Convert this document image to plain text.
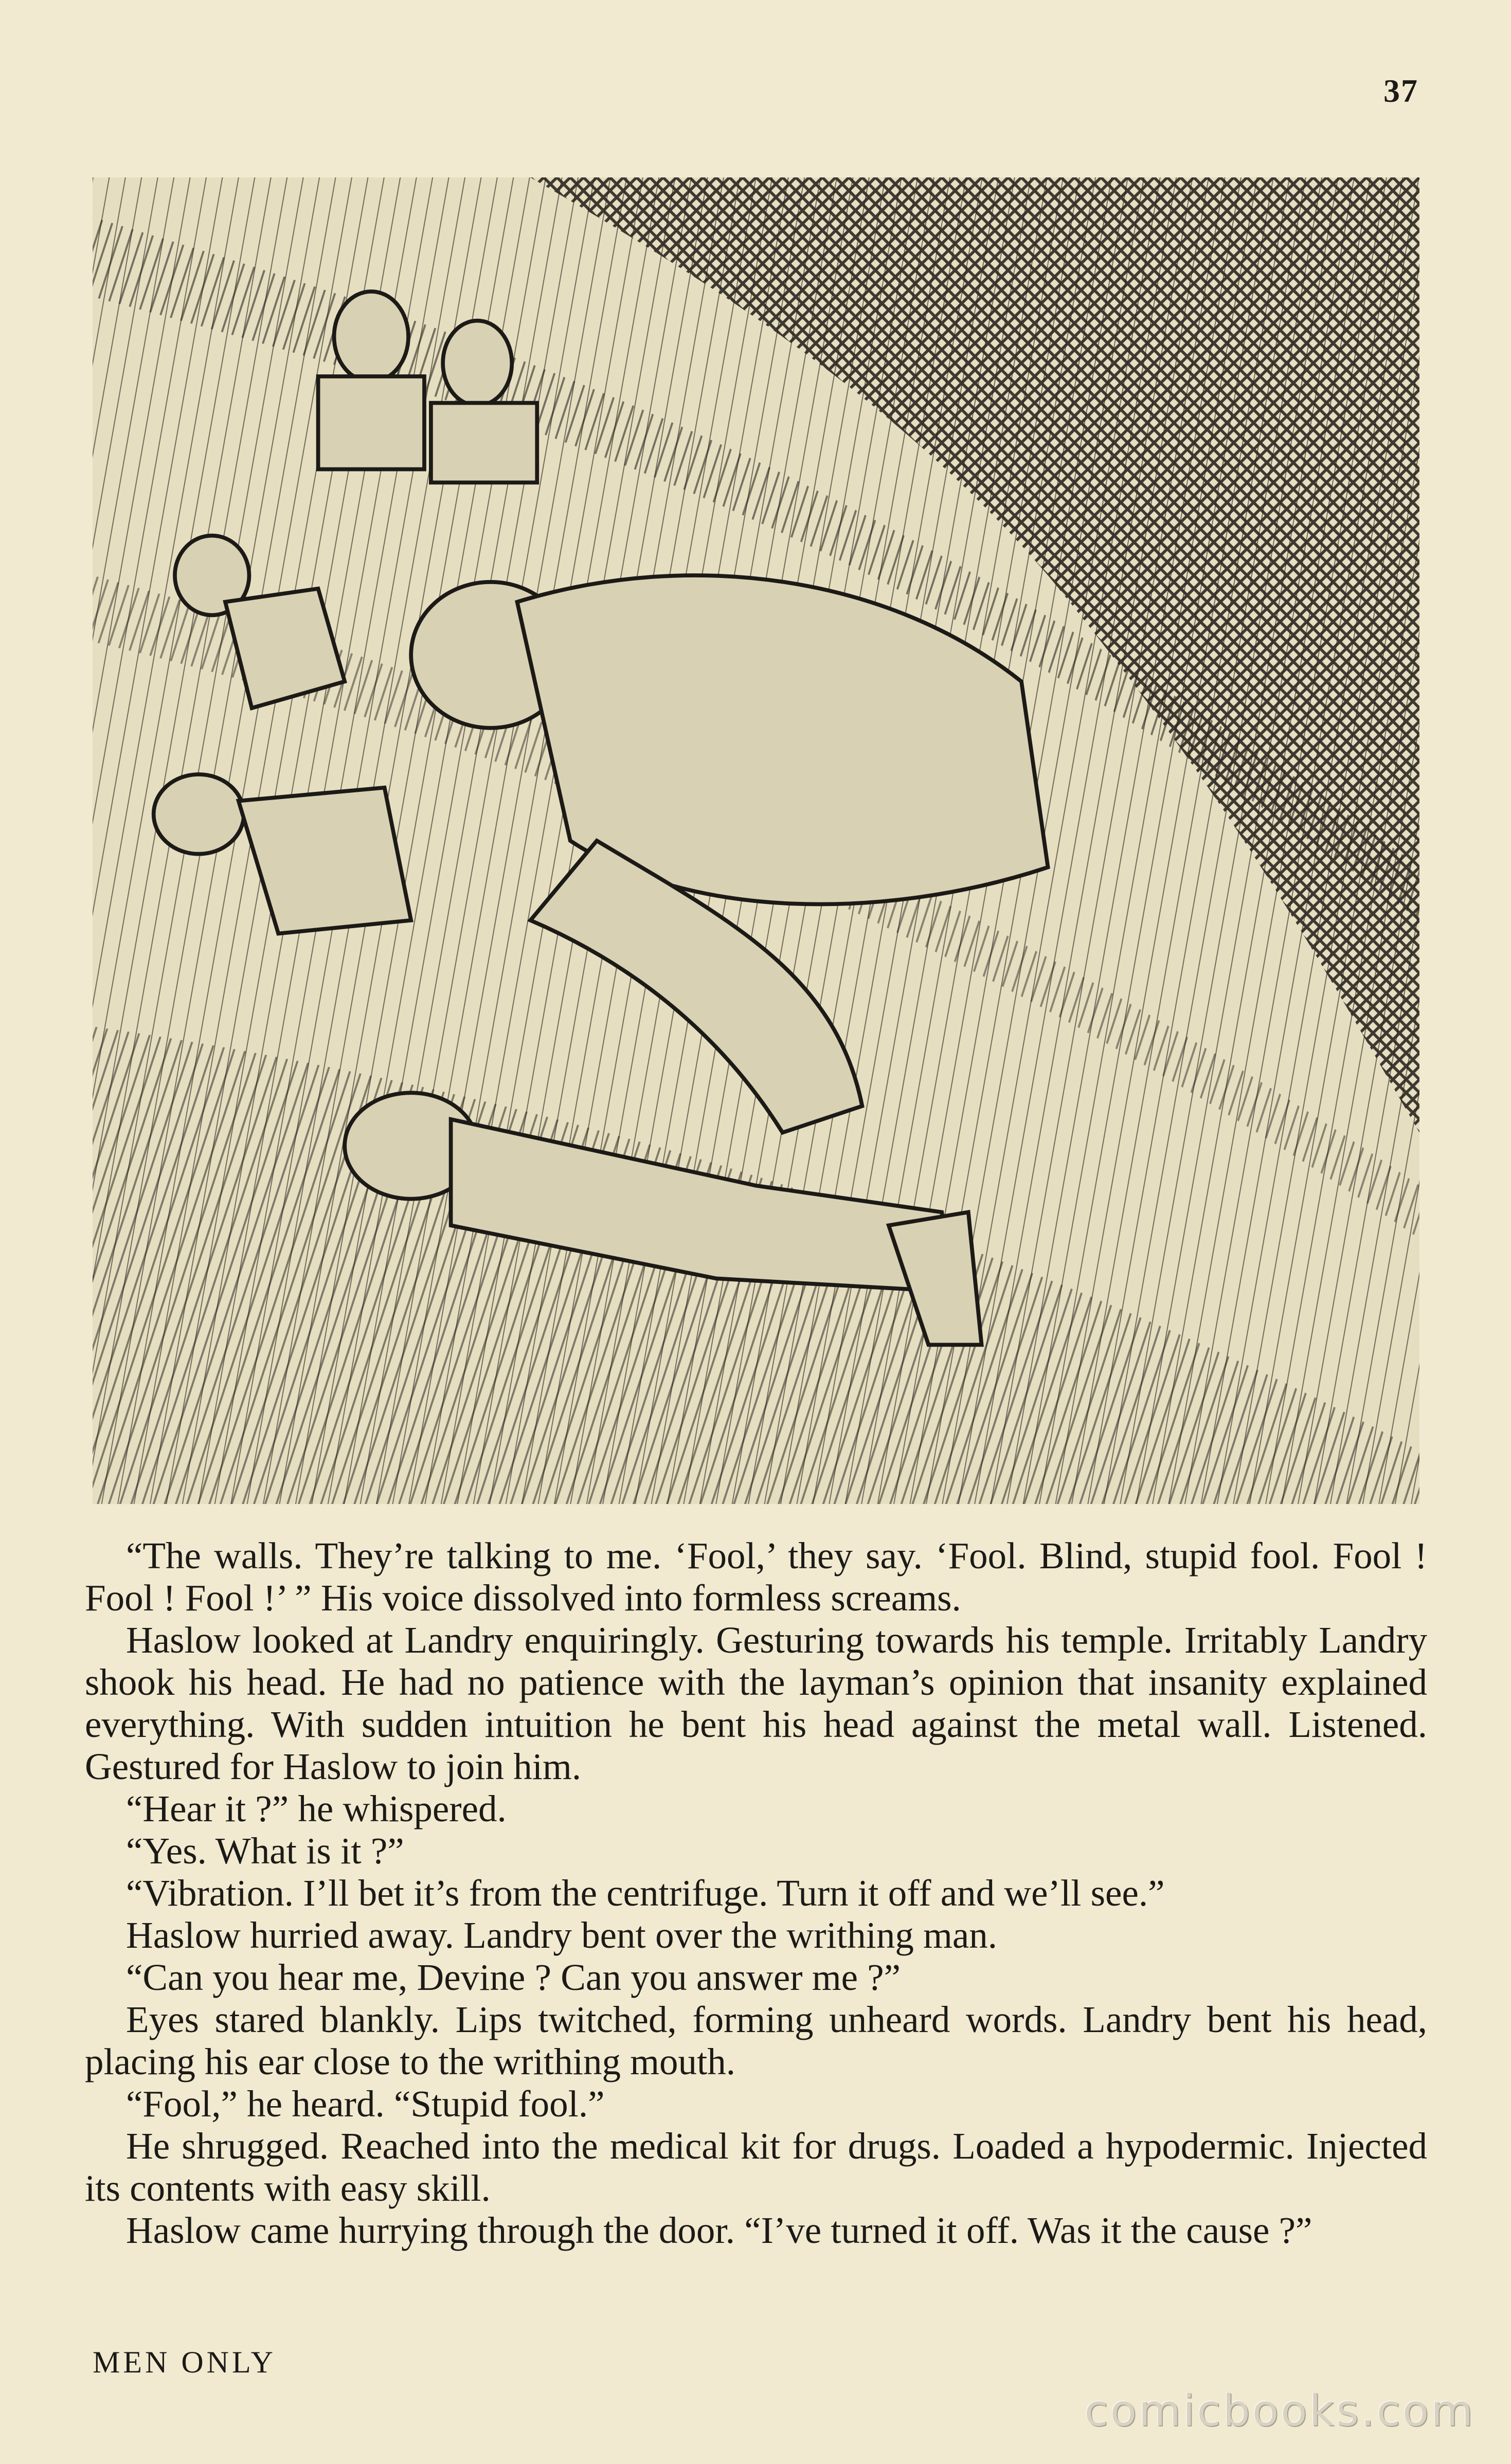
37

“The walls. They’re talking to me. ‘Fool,’ they say. ‘Fool. Blind, stupid fool. Fool ! Fool ! Fool !’ ” His voice dissolved into formless screams.

Haslow looked at Landry enquiringly. Gesturing towards his temple. Irritably Landry shook his head. He had no patience with the layman’s opinion that insanity explained everything. With sudden intuition he bent his head against the metal wall. Listened. Gestured for Haslow to join him.

“Hear it ?” he whispered.

“Yes. What is it ?”

“Vibration. I’ll bet it’s from the centrifuge. Turn it off and we’ll see.”

Haslow hurried away. Landry bent over the writhing man.

“Can you hear me, Devine ? Can you answer me ?”

Eyes stared blankly. Lips twitched, forming unheard words. Landry bent his head, placing his ear close to the writhing mouth.

“Fool,” he heard. “Stupid fool.”

He shrugged. Reached into the medical kit for drugs. Loaded a hypodermic. Injected its contents with easy skill.

Haslow came hurrying through the door. “I’ve turned it off. Was it the cause ?”

MEN ONLY
comicbooks.com
